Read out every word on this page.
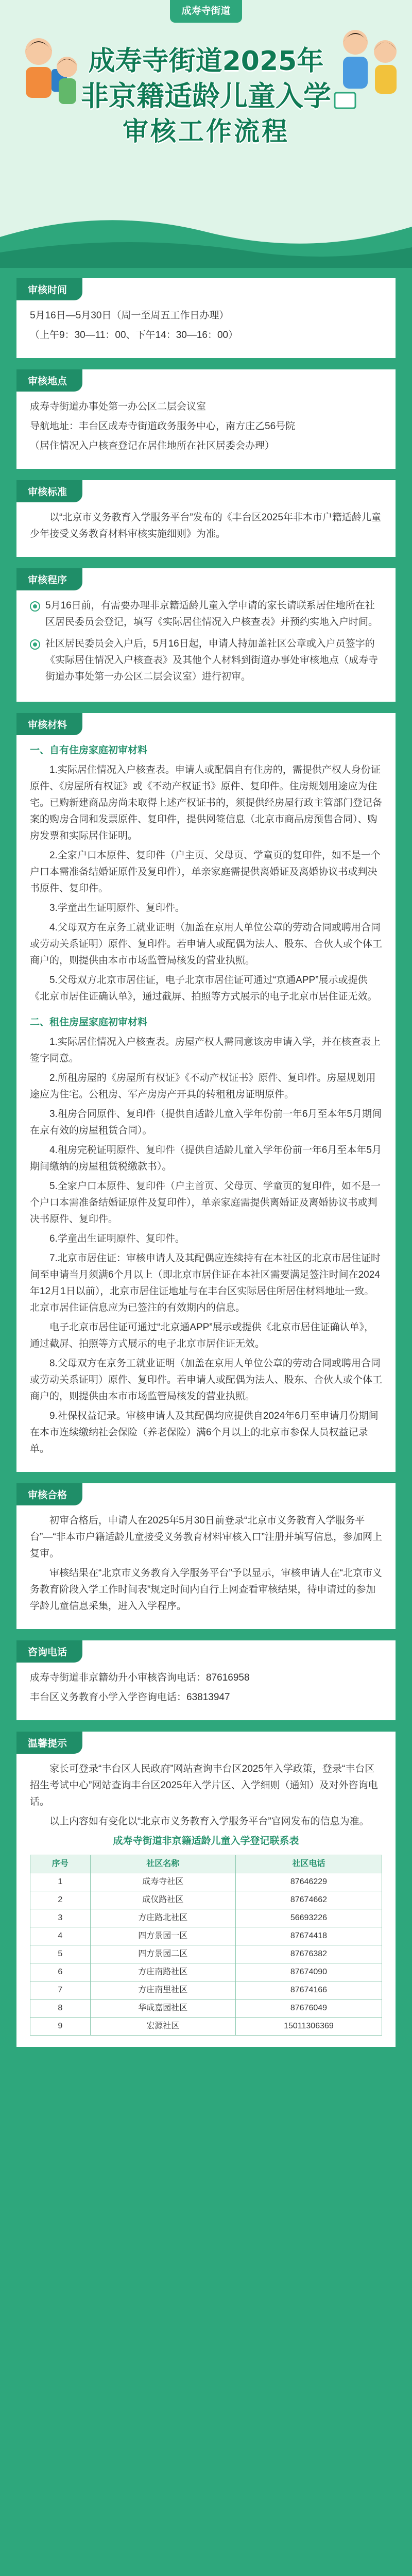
成寿寺街道
成寿寺街道2025年
非京籍适龄儿童入学
审核工作流程
审核时间

5月16日—5月30日（周一至周五工作日办理）

（上午9：30—11：00、下午14：30—16：00）

审核地点

成寿寺街道办事处第一办公区二层会议室

导航地址：丰台区成寿寺街道政务服务中心，南方庄乙56号院

（居住情况入户核查登记在居住地所在社区居委会办理）

审核标准

以“北京市义务教育入学服务平台”发布的《丰台区2025年非本市户籍适龄儿童少年接受义务教育材料审核实施细则》为准。

审核程序
5月16日前，有需要办理非京籍适龄儿童入学申请的家长请联系居住地所在社区居民委员会登记，填写《实际居住情况入户核查表》并预约实地入户时间。
社区居民委员会入户后，5月16日起，申请人持加盖社区公章或入户员签字的《实际居住情况入户核查表》及其他个人材料到街道办事处审核地点（成寿寺街道办事处第一办公区二层会议室）进行初审。
审核材料

一、自有住房家庭初审材料

1.实际居住情况入户核查表。申请人或配偶自有住房的，需提供产权人身份证原件、《房屋所有权证》或《不动产权证书》原件、复印件。住房规划用途应为住宅。已购新建商品房尚未取得上述产权证书的，须提供经房屋行政主管部门登记备案的购房合同和发票原件、复印件，提供网签信息（北京市商品房预售合同）、购房发票和实际居住证明。

2.全家户口本原件、复印件（户主页、父母页、学童页的复印件，如不是一个户口本需准备结婚证原件及复印件），单亲家庭需提供离婚证及离婚协议书或判决书原件、复印件。

3.学童出生证明原件、复印件。

4.父母双方在京务工就业证明（加盖在京用人单位公章的劳动合同或聘用合同或劳动关系证明）原件、复印件。若申请人或配偶为法人、股东、合伙人或个体工商户的，则提供由本市市场监管局核发的营业执照。

5.父母双方北京市居住证，电子北京市居住证可通过“京通APP”展示或提供《北京市居住证确认单》，通过截屏、拍照等方式展示的电子北京市居住证无效。

二、租住房屋家庭初审材料

1.实际居住情况入户核查表。房屋产权人需同意该房申请入学，并在核查表上签字同意。

2.所租房屋的《房屋所有权证》《不动产权证书》原件、复印件。房屋规划用途应为住宅。公租房、军产房房产开具的转租租房证明原件。

3.租房合同原件、复印件（提供自适龄儿童入学年份前一年6月至本年5月期间在京有效的房屋租赁合同）。

4.租房完税证明原件、复印件（提供自适龄儿童入学年份前一年6月至本年5月期间缴纳的房屋租赁税缴款书）。

5.全家户口本原件、复印件（户主首页、父母页、学童页的复印件，如不是一个户口本需准备结婚证原件及复印件），单亲家庭需提供离婚证及离婚协议书或判决书原件、复印件。

6.学童出生证明原件、复印件。

7.北京市居住证：审核申请人及其配偶应连续持有在本社区的北京市居住证时间至申请当月须满6个月以上（即北京市居住证在本社区需要满足签注时间在2024年12月1日以前），北京市居住证地址与在丰台区实际居住所居住材料地址一致。北京市居住证信息应为已签注的有效期内的信息。

电子北京市居住证可通过“北京通APP”展示或提供《北京市居住证确认单》，通过截屏、拍照等方式展示的电子北京市居住证无效。

8.父母双方在京务工就业证明（加盖在京用人单位公章的劳动合同或聘用合同或劳动关系证明）原件、复印件。若申请人或配偶为法人、股东、合伙人或个体工商户的，则提供由本市市场监管局核发的营业执照。

9.社保权益记录。审核申请人及其配偶均应提供自2024年6月至申请月份期间在本市连续缴纳社会保险（养老保险）满6个月以上的北京市参保人员权益记录单。

审核合格

初审合格后，申请人在2025年5月30日前登录“北京市义务教育入学服务平台”—“非本市户籍适龄儿童接受义务教育材料审核入口”注册并填写信息，参加网上复审。

审核结果在“北京市义务教育入学服务平台”予以显示，审核申请人在“北京市义务教育阶段入学工作时间表”规定时间内自行上网查看审核结果，待申请过的参加学龄儿童信息采集，进入入学程序。

咨询电话

成寿寺街道非京籍幼升小审核咨询电话：87616958

丰台区义务教育小学入学咨询电话：63813947

温馨提示

家长可登录“丰台区人民政府”网站查询丰台区2025年入学政策，登录“丰台区招生考试中心”网站查询丰台区2025年入学片区、入学细则（通知）及对外咨询电话。

以上内容如有变化以“北京市义务教育入学服务平台”官网发布的信息为准。

成寿寺街道非京籍适龄儿童入学登记联系表

序号	社区名称	社区电话
1	成寿寺社区	87646229
2	成仪路社区	87674662
3	方庄路北社区	56693226
4	四方景园一区	87674418
5	四方景园二区	87676382
6	方庄南路社区	87674090
7	方庄南里社区	87674166
8	华成嘉园社区	87676049
9	宏源社区	15011306369
